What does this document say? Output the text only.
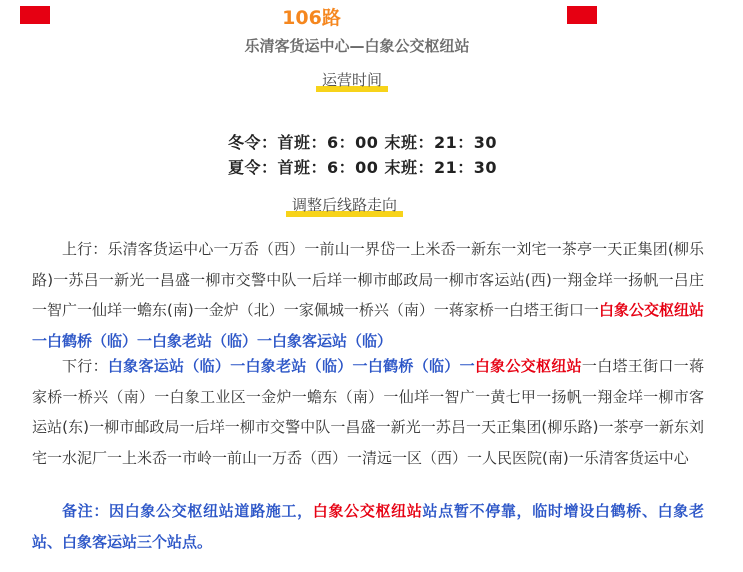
106路
乐清客货运中心—白象公交枢纽站
运营时间
冬令：首班：6：00 末班：21：30
夏令：首班：6：00 末班：21：30
调整后线路走向
上行：乐清客货运中心一万岙（西）一前山一界岱一上米岙一新东一刘宅一茶亭一天正集团(柳乐路)一苏吕一新光一昌盛一柳市交警中队一后垟一柳市邮政局一柳市客运站(西)一翔金垟一扬帆一吕庄一智广一仙垟一蟾东(南)一金炉（北）一家佩城一桥兴（南）一蒋家桥一白塔王街口一白象公交枢纽站一白鹤桥（临）一白象老站（临）一白象客运站（临）
下行：白象客运站（临）一白象老站（临）一白鹤桥（临）一白象公交枢纽站一白塔王街口一蒋家桥一桥兴（南）一白象工业区一金炉一蟾东（南）一仙垟一智广一黄七甲一扬帆一翔金垟一柳市客运站(东)一柳市邮政局一后垟一柳市交警中队一昌盛一新光一苏吕一天正集团(柳乐路)一茶亭一新东刘宅一水泥厂一上米岙一市岭一前山一万岙（西）一清远一区（西）一人民医院(南)一乐清客货运中心
备注：因白象公交枢纽站道路施工，白象公交枢纽站站点暂不停靠，临时增设白鹤桥、白象老站、白象客运站三个站点。
